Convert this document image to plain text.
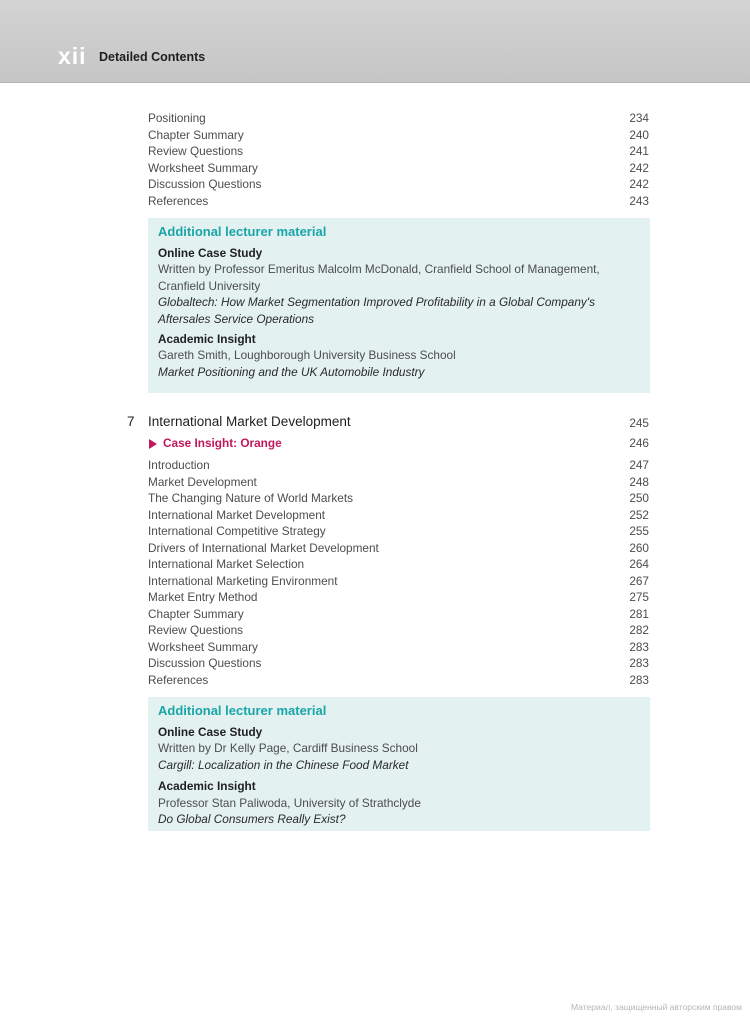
xii Detailed Contents
Positioning	234
Chapter Summary	240
Review Questions	241
Worksheet Summary	242
Discussion Questions	242
References	243
Additional lecturer material
Online Case Study
Written by Professor Emeritus Malcolm McDonald, Cranfield School of Management, Cranfield University
Globaltech: How Market Segmentation Improved Profitability in a Global Company's Aftersales Service Operations
Academic Insight
Gareth Smith, Loughborough University Business School
Market Positioning and the UK Automobile Industry
7 International Market Development	245
Case Insight: Orange	246
Introduction	247
Market Development	248
The Changing Nature of World Markets	250
International Market Development	252
International Competitive Strategy	255
Drivers of International Market Development	260
International Market Selection	264
International Marketing Environment	267
Market Entry Method	275
Chapter Summary	281
Review Questions	282
Worksheet Summary	283
Discussion Questions	283
References	283
Additional lecturer material
Online Case Study
Written by Dr Kelly Page, Cardiff Business School
Cargill: Localization in the Chinese Food Market
Academic Insight
Professor Stan Paliwoda, University of Strathclyde
Do Global Consumers Really Exist?
Материал, защищенный авторским правом
